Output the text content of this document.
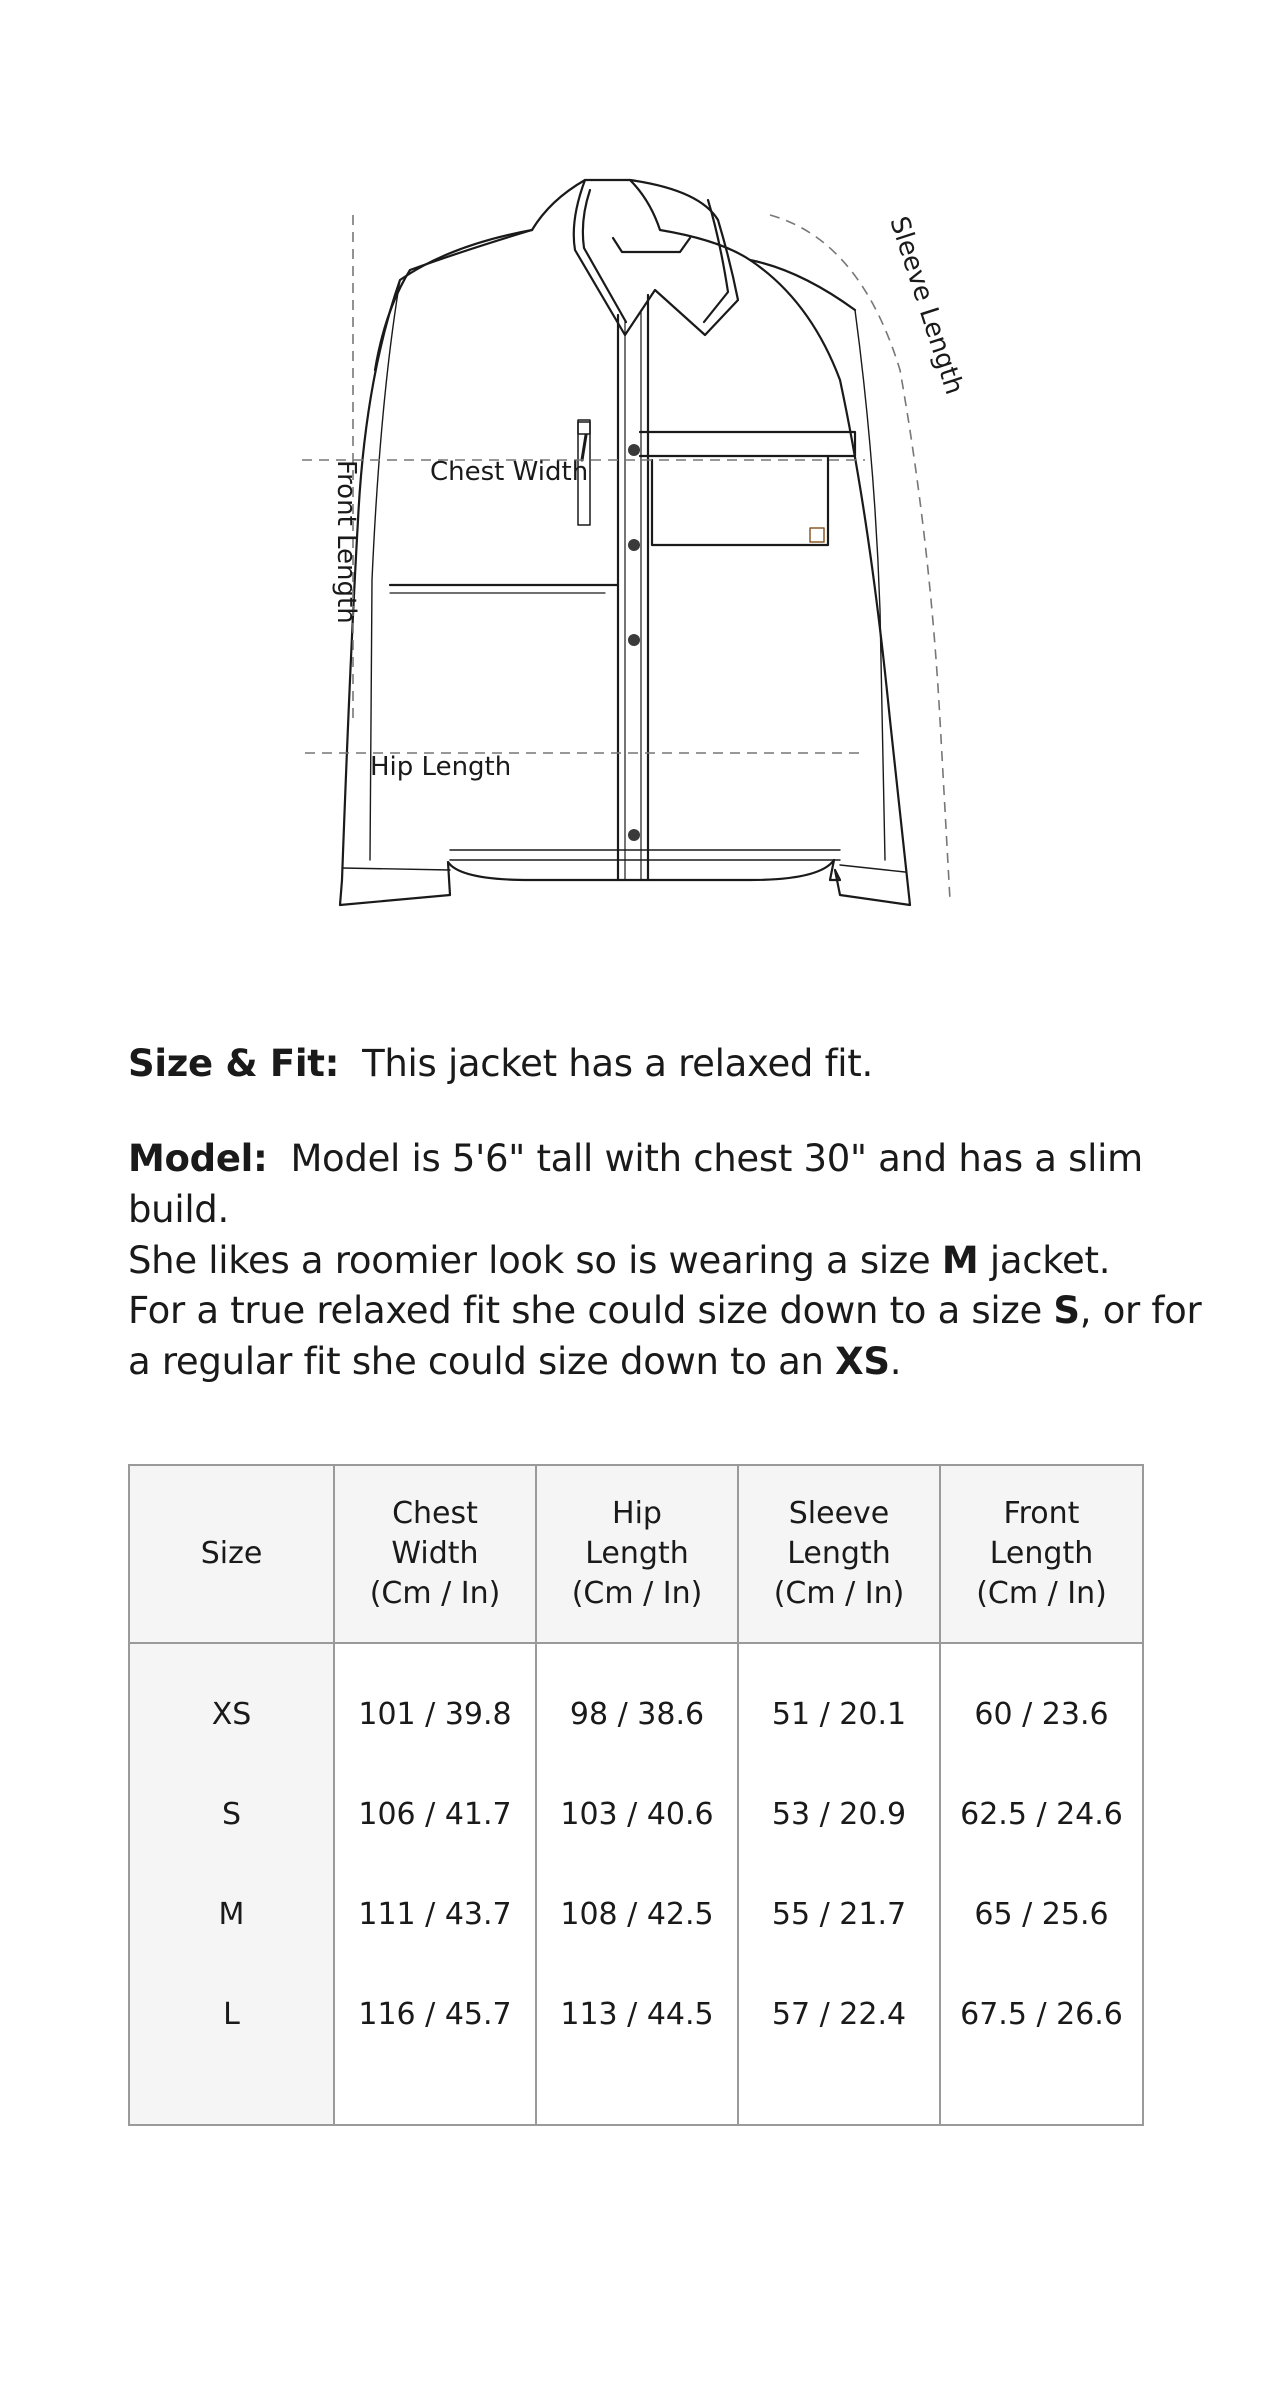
Chest Width
Front Length
Hip Length
Sleeve Length

Size & Fit: This jacket has a relaxed fit.

Model: Model is 5'6" tall with chest 30" and has a slim build.

She likes a roomier look so is wearing a size M jacket.

For a true relaxed fit she could size down to a size S, or for

a regular fit she could size down to an XS.

Size	Chest
Width
(Cm / In)	Hip
Length
(Cm / In)	Sleeve
Length
(Cm / In)	Front
Length
(Cm / In)
XS	101 / 39.8	98 / 38.6	51 / 20.1	60 / 23.6
S	106 / 41.7	103 / 40.6	53 / 20.9	62.5 / 24.6
M	111 / 43.7	108 / 42.5	55 / 21.7	65 / 25.6
L	116 / 45.7	113 / 44.5	57 / 22.4	67.5 / 26.6
